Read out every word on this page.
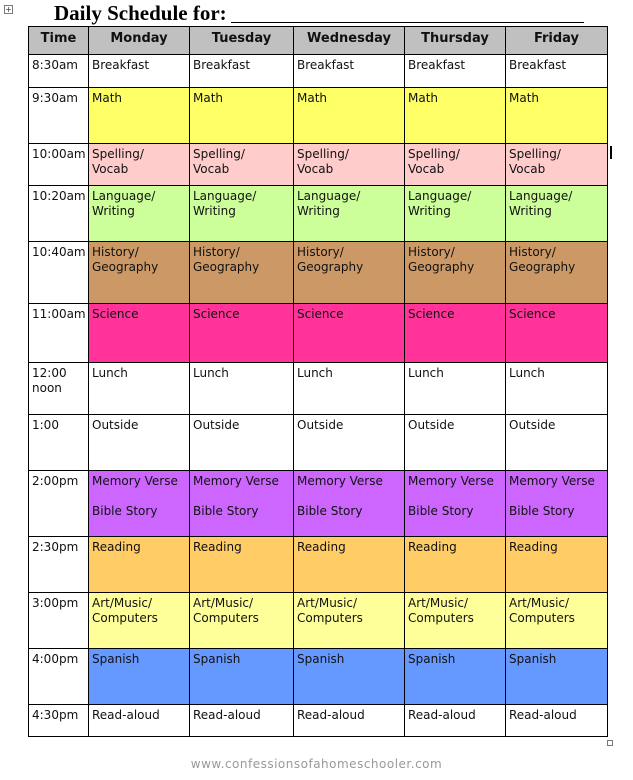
+ Daily Schedule for:
Time	Monday	Tuesday	Wednesday	Thursday	Friday

8:30am	Breakfast	Breakfast	Breakfast	Breakfast	Breakfast

9:30am	Math	Math	Math	Math	Math

10:00am	Spelling/
Vocab	Spelling/
Vocab	Spelling/
Vocab	Spelling/
Vocab	Spelling/
Vocab

10:20am	Language/
Writing	Language/
Writing	Language/
Writing	Language/
Writing	Language/
Writing

10:40am	History/
Geography	History/
Geography	History/
Geography	History/
Geography	History/
Geography

11:00am	Science	Science	Science	Science	Science

12:00
noon	Lunch	Lunch	Lunch	Lunch	Lunch

1:00	Outside	Outside	Outside	Outside	Outside

2:00pm	Memory Verse
Bible Story	Memory Verse
Bible Story	Memory Verse
Bible Story	Memory Verse
Bible Story	Memory Verse
Bible Story

2:30pm	Reading	Reading	Reading	Reading	Reading

3:00pm	Art/Music/
Computers	Art/Music/
Computers	Art/Music/
Computers	Art/Music/
Computers	Art/Music/
Computers

4:00pm	Spanish	Spanish	Spanish	Spanish	Spanish

4:30pm	Read-aloud	Read-aloud	Read-aloud	Read-aloud	Read-aloud
www.confessionsofahomeschooler.com
